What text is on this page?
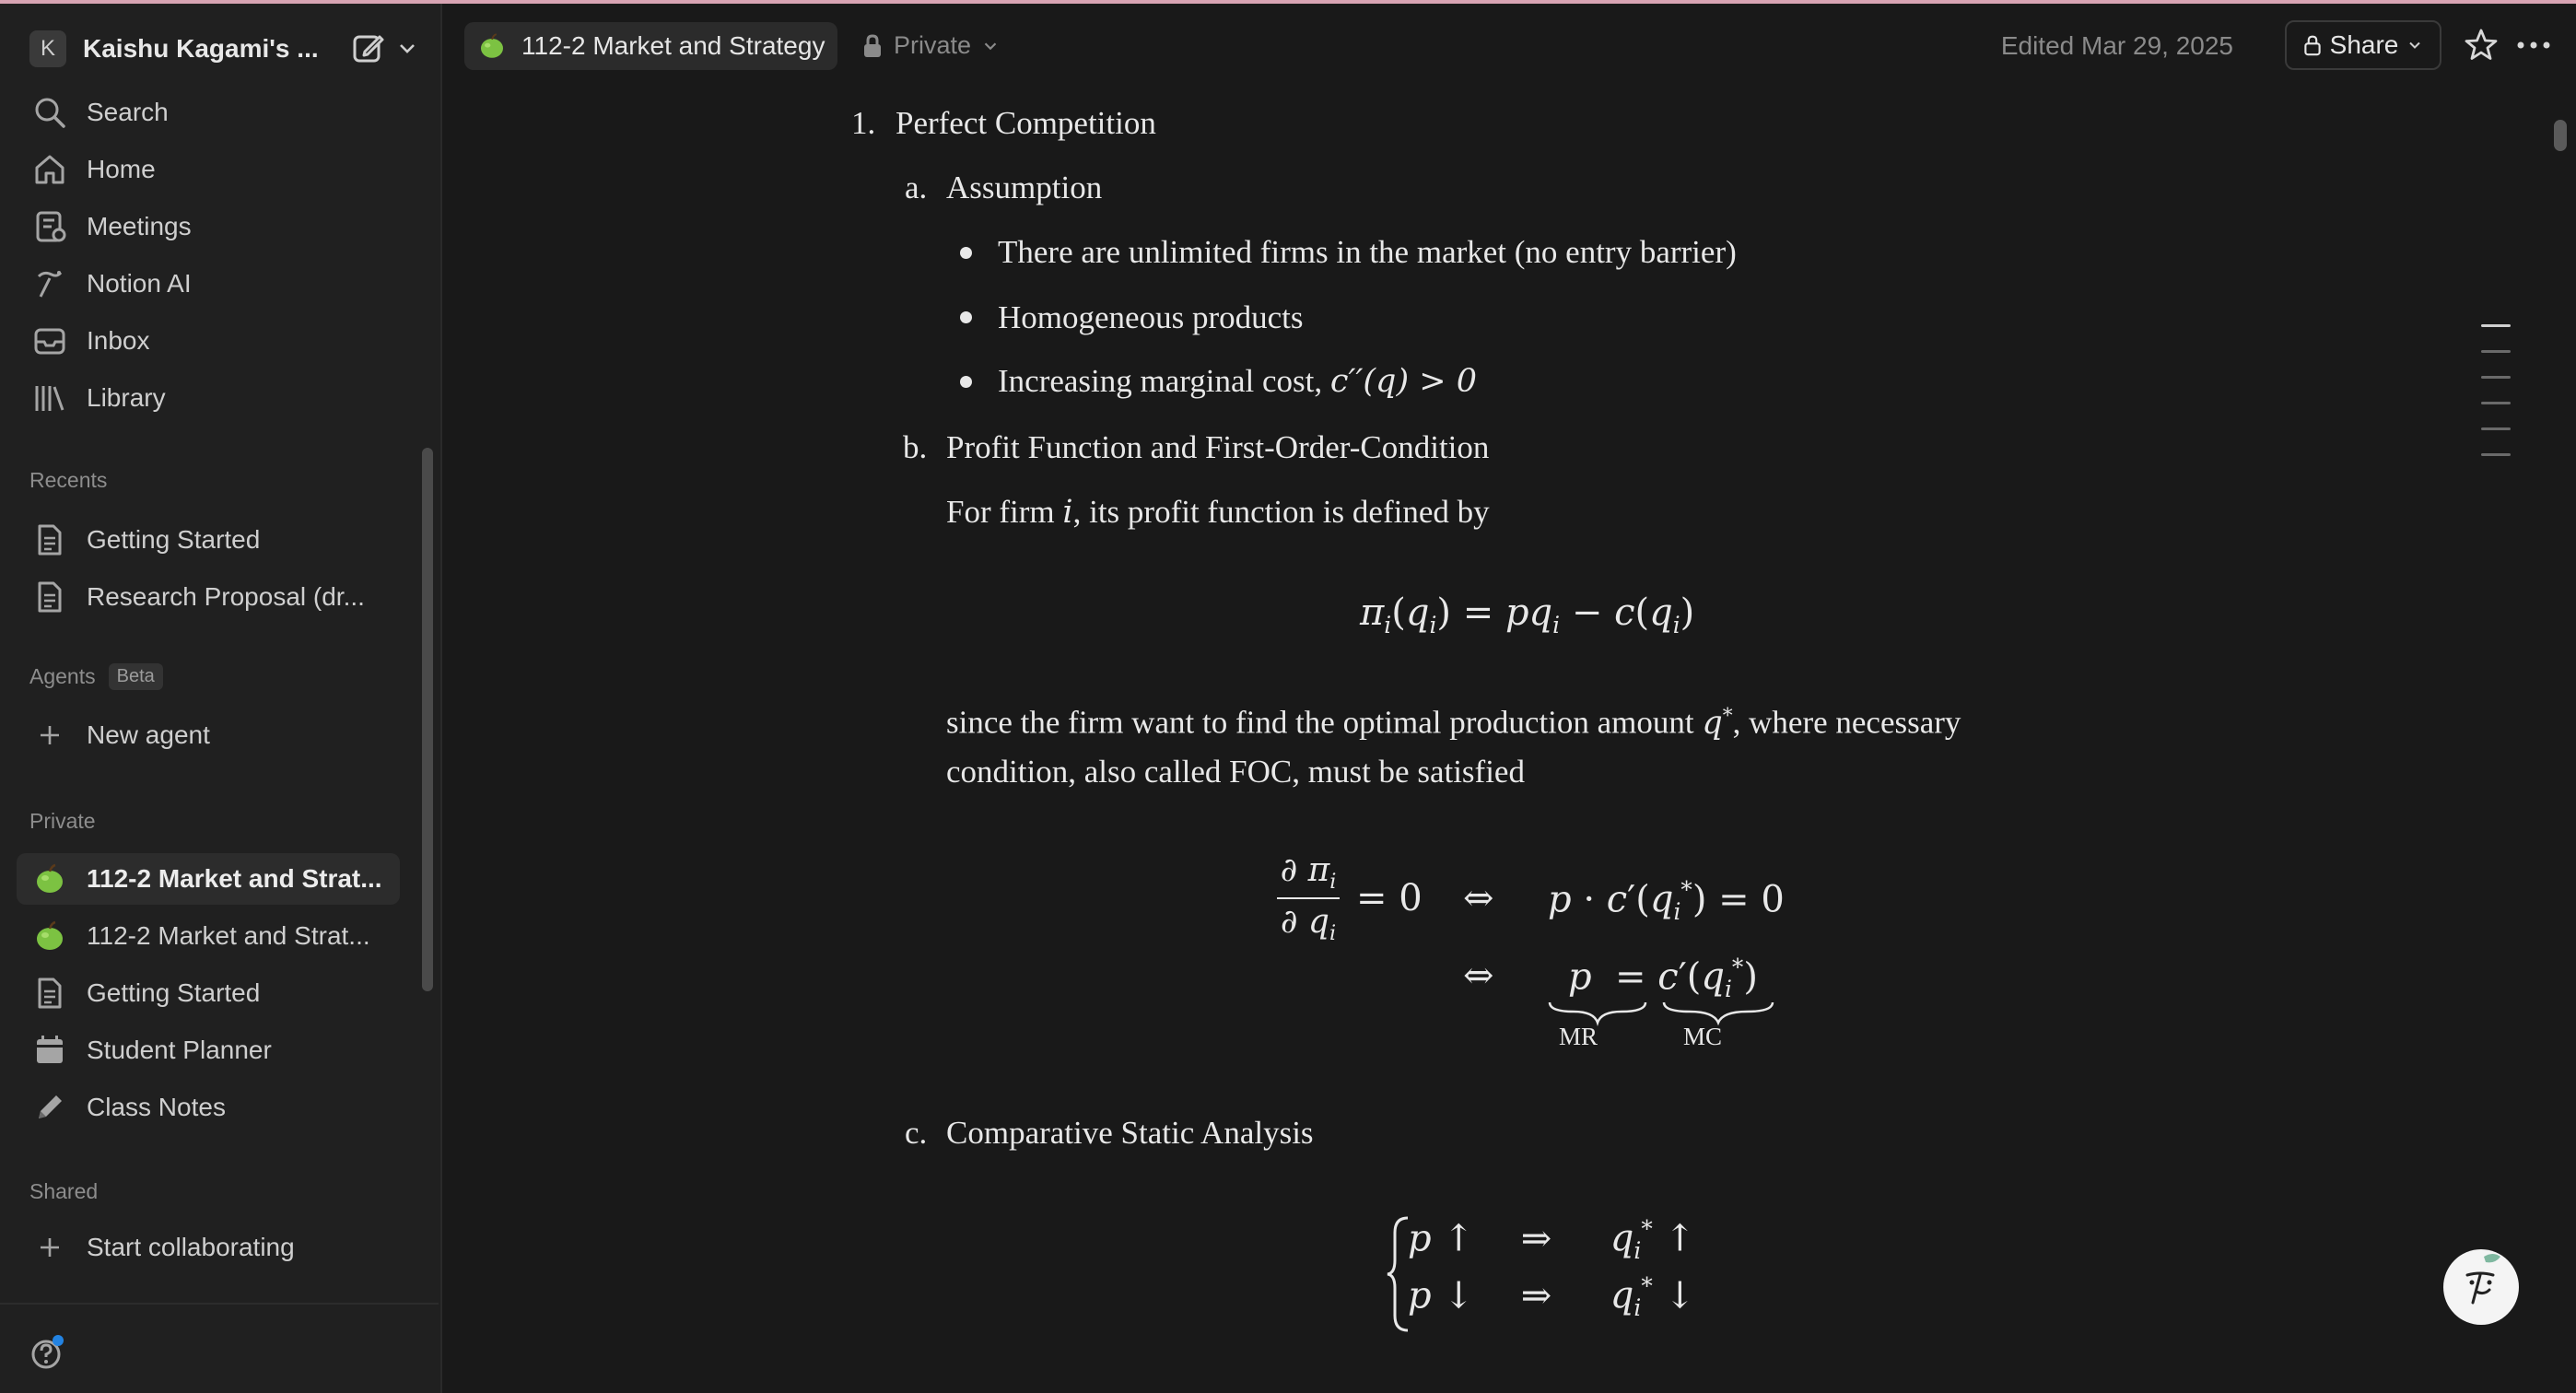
K	Kaishu Kagami's ...
Search
Home
Meetings
Notion AI
Inbox
Library
Recents
Getting Started
Research Proposal (dr...
Agents	Beta
New agent
Private
112-2 Market and Strat...
112-2 Market and Strat...
Getting Started
Student Planner
Class Notes
Shared
Start collaborating
112-2 Market and Strategy	Private	Edited Mar 29, 2025	Share
1. Perfect Competition
a. Assumption
There are unlimited firms in the market (no entry barrier)
Homogeneous products
Increasing marginal cost, c′′(q) > 0
b. Profit Function and First-Order-Condition
For firm i, its profit function is defined by
$\pi_i(q_i) = pq_i - c(q_i)$
since the firm want to find the optimal production amount q*, where necessary
condition, also called FOC, must be satisfied
∂ $\pi_i$
∂ $q_i$
= 0 ⇔ $p \cdot c'(q_i^*) = 0$
⇔ $p = c'(q_i^*)$
MR	MC
c. Comparative Static Analysis
p ↑    ⇒     $q_i^*$ ↑
p ↓    ⇒     $q_i^*$ ↓
